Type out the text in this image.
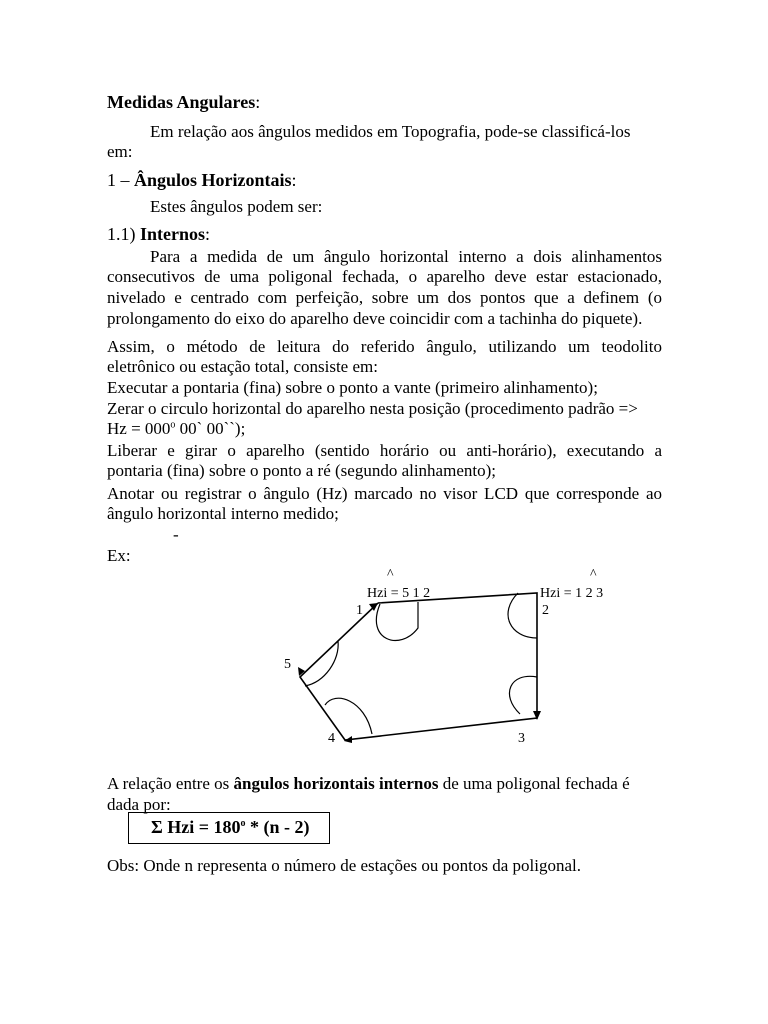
Medidas Angulares:
Em relação aos ângulos medidos em Topografia, pode-se classificá-los
em:
1 – Ângulos Horizontais:
Estes ângulos podem ser:
1.1) Internos:
Para a medida de um ângulo horizontal interno a dois alinhamentos
consecutivos de uma poligonal fechada, o aparelho deve estar estacionado,
nivelado e centrado com perfeição, sobre um dos pontos que a definem (o
prolongamento do eixo do aparelho deve coincidir com a tachinha do piquete).
Assim, o método de leitura do referido ângulo, utilizando um teodolito
eletrônico ou estação total, consiste em:
Executar a pontaria (fina) sobre o ponto a vante (primeiro alinhamento);
Zerar o circulo horizontal do aparelho nesta posição (procedimento padrão =>
$Hz = 000^o$ 00` 00``);
Liberar e girar o aparelho (sentido horário ou anti-horário), executando a
pontaria (fina) sobre o ponto a ré (segundo alinhamento);
Anotar ou registrar o ângulo (Hz) marcado no visor LCD que corresponde ao
ângulo horizontal interno medido;
-
Ex:
^	^
Hzi = 5 1 2	Hzi = 1 2 3
1	2
3
4
5
A relação entre os ângulos horizontais internos de uma poligonal fechada é
dada por:
Σ Hzi = $180^o * (n - 2)$
Obs: Onde n representa o número de estações ou pontos da poligonal.
